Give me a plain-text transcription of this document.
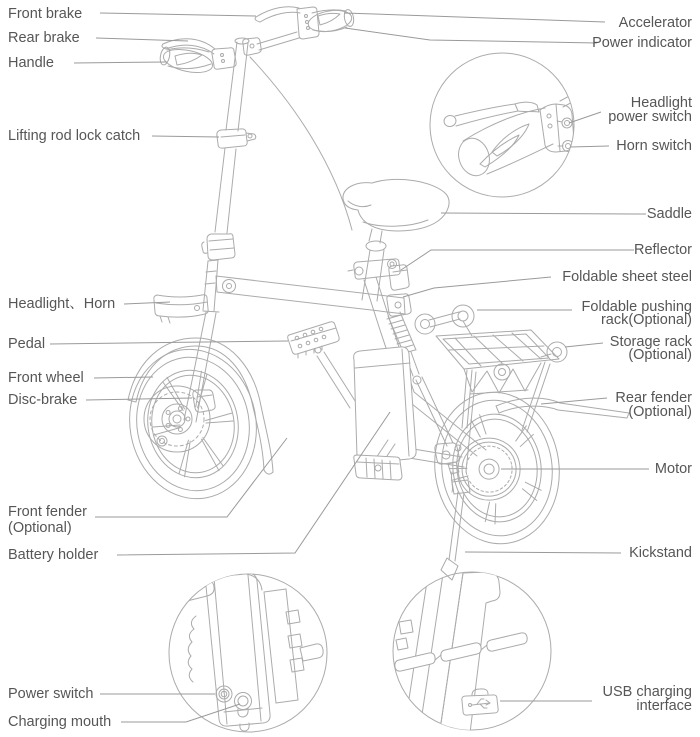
Front brake
Rear brake
Handle
Lifting rod lock catch
Headlight、Horn
Pedal
Front wheel
Disc-brake
Front fender
(Optional)
Battery holder
Power switch
Charging mouth
Accelerator
Power indicator
Headlight
power switch
Horn switch
Saddle
Reflector
Foldable sheet steel
Foldable pushing
rack(Optional)
Storage rack
(Optional)
Rear fender
(Optional)
Motor
Kickstand
USB charging
interface
